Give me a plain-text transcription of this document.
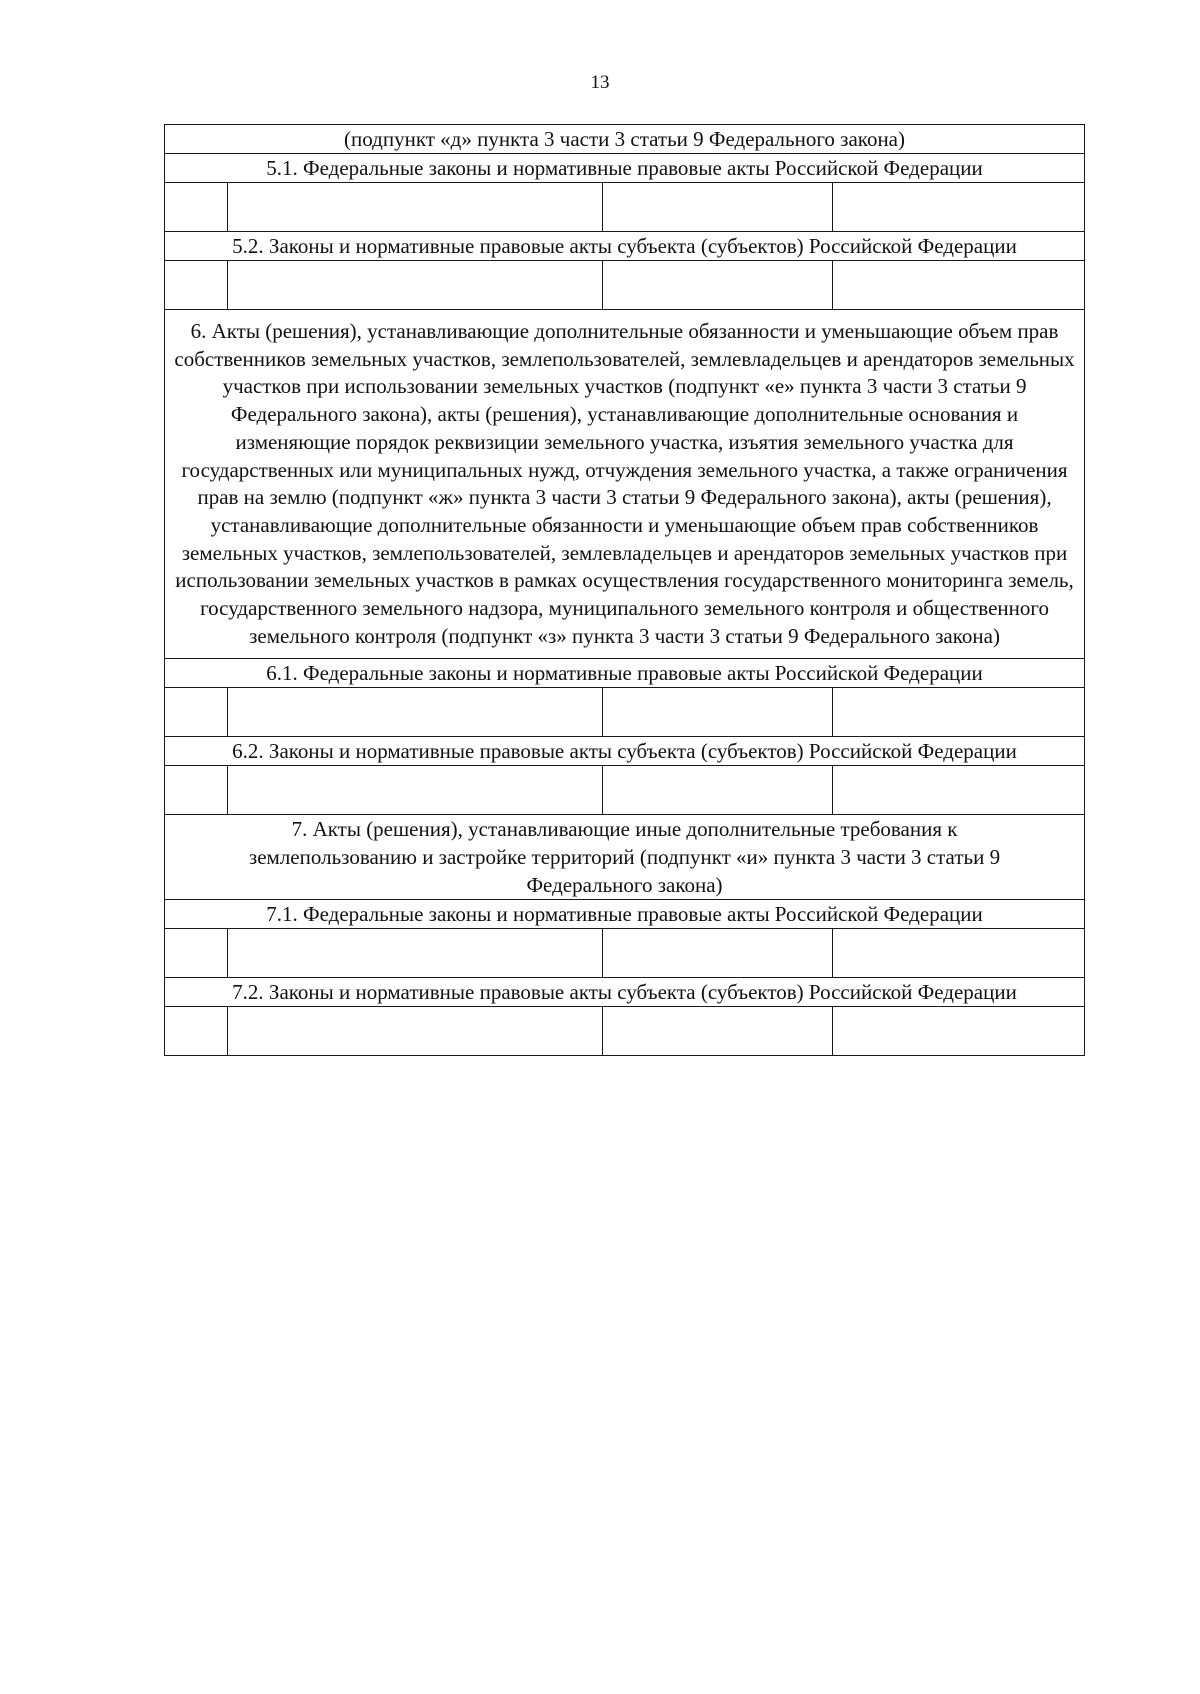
13
(подпункт «д» пункта 3 части 3 статьи 9 Федерального закона)			
5.1. Федеральные законы и нормативные правовые акты Российской Федерации			

5.2. Законы и нормативные правовые акты субъекта (субъектов) Российской Федерации			

6. Акты (решения), устанавливающие дополнительные обязанности и уменьшающие объем прав собственников земельных участков, землепользователей, землевладельцев и арендаторов земельных участков при использовании земельных участков (подпункт «е» пункта 3 части 3 статьи 9 Федерального закона), акты (решения), устанавливающие дополнительные основания и изменяющие порядок реквизиции земельного участка, изъятия земельного участка для государственных или муниципальных нужд, отчуждения земельного участка, а также ограничения прав на землю (подпункт «ж» пункта 3 части 3 статьи 9 Федерального закона), акты (решения), устанавливающие дополнительные обязанности и уменьшающие объем прав собственников земельных участков, землепользователей, землевладельцев и арендаторов земельных участков при использовании земельных участков в рамках осуществления государственного мониторинга земель, государственного земельного надзора, муниципального земельного контроля и общественного земельного контроля (подпункт «з» пункта 3 части 3 статьи 9 Федерального закона)			
6.1. Федеральные законы и нормативные правовые акты Российской Федерации			

6.2. Законы и нормативные правовые акты субъекта (субъектов) Российской Федерации			

7. Акты (решения), устанавливающие иные дополнительные требования к землепользованию и застройке территорий (подпункт «и» пункта 3 части 3 статьи 9 Федерального закона)			
7.1. Федеральные законы и нормативные правовые акты Российской Федерации			

7.2. Законы и нормативные правовые акты субъекта (субъектов) Российской Федерации			
